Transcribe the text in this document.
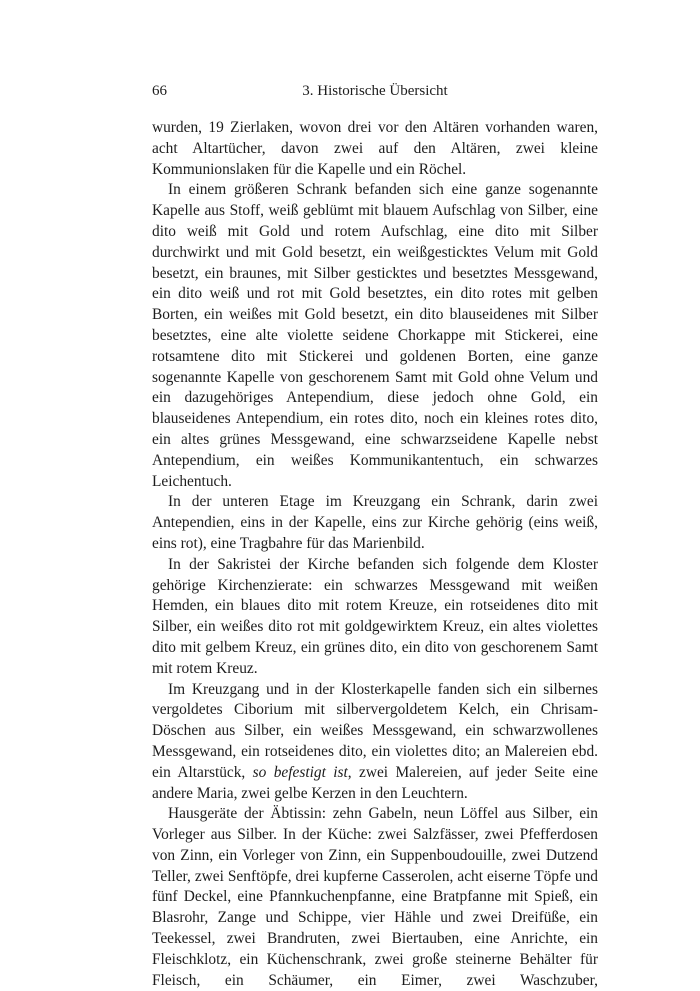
66	3. Historische Übersicht

wurden, 19 Zierlaken, wovon drei vor den Altären vorhanden waren, acht Altartücher, davon zwei auf den Altären, zwei kleine Kommunionslaken für die Kapelle und ein Röchel.

In einem größeren Schrank befanden sich eine ganze sogenannte Kapelle aus Stoff, weiß geblümt mit blauem Aufschlag von Silber, eine dito weiß mit Gold und rotem Aufschlag, eine dito mit Silber durchwirkt und mit Gold besetzt, ein weißgesticktes Velum mit Gold besetzt, ein braunes, mit Silber gesticktes und besetztes Messgewand, ein dito weiß und rot mit Gold besetztes, ein dito rotes mit gelben Borten, ein weißes mit Gold besetzt, ein dito blauseidenes mit Silber besetztes, eine alte violette seidene Chorkappe mit Stickerei, eine rotsamtene dito mit Stickerei und goldenen Borten, eine ganze sogenannte Kapelle von geschorenem Samt mit Gold ohne Velum und ein dazugehöriges Antependium, diese jedoch ohne Gold, ein blauseidenes Antependium, ein rotes dito, noch ein kleines rotes dito, ein altes grünes Messgewand, eine schwarzseidene Kapelle nebst Antependium, ein weißes Kommunikantentuch, ein schwarzes Leichentuch.

In der unteren Etage im Kreuzgang ein Schrank, darin zwei Antependien, eins in der Kapelle, eins zur Kirche gehörig (eins weiß, eins rot), eine Tragbahre für das Marienbild.

In der Sakristei der Kirche befanden sich folgende dem Kloster gehörige Kirchenzierate: ein schwarzes Messgewand mit weißen Hemden, ein blaues dito mit rotem Kreuze, ein rotseidenes dito mit Silber, ein weißes dito rot mit goldgewirktem Kreuz, ein altes violettes dito mit gelbem Kreuz, ein grünes dito, ein dito von geschorenem Samt mit rotem Kreuz.

Im Kreuzgang und in der Klosterkapelle fanden sich ein silbernes vergoldetes Ciborium mit silbervergoldetem Kelch, ein Chrisam-Döschen aus Silber, ein weißes Messgewand, ein schwarzwollenes Messgewand, ein rotseidenes dito, ein violettes dito; an Malereien ebd. ein Altarstück, so befestigt ist, zwei Malereien, auf jeder Seite eine andere Maria, zwei gelbe Kerzen in den Leuchtern.

Hausgeräte der Äbtissin: zehn Gabeln, neun Löffel aus Silber, ein Vorleger aus Silber. In der Küche: zwei Salzfässer, zwei Pfefferdosen von Zinn, ein Vorleger von Zinn, ein Suppenboudouille, zwei Dutzend Teller, zwei Senftöpfe, drei kupferne Casserolen, acht eiserne Töpfe und fünf Deckel, eine Pfannkuchenpfanne, eine Bratpfanne mit Spieß, ein Blasrohr, Zange und Schippe, vier Hähle und zwei Dreifüße, ein Teekessel, zwei Brandruten, zwei Biertauben, eine Anrichte, ein Fleischklotz, ein Küchenschrank, zwei große steinerne Behälter für Fleisch, ein Schäumer, ein Eimer, zwei Waschzuber,
